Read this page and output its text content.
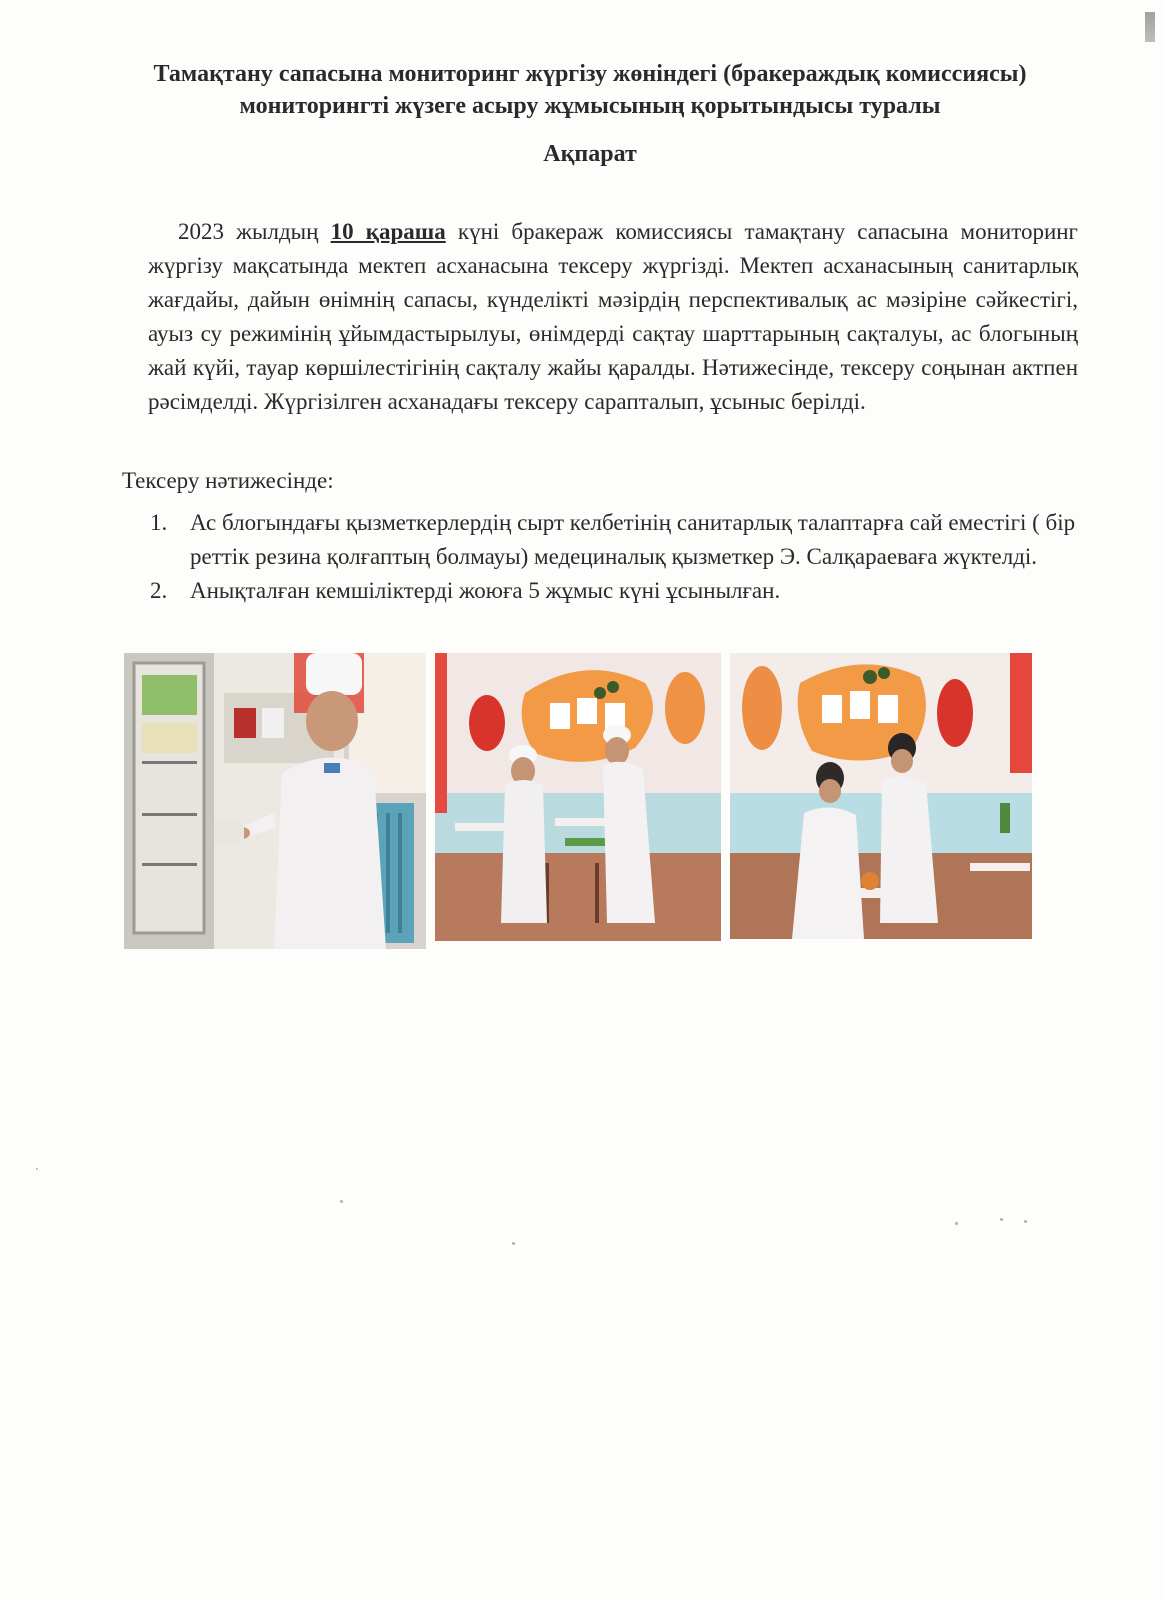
Тамақтану сапасына мониторинг жүргізу жөніндегі (бракераждық комиссиясы) мониторингті жүзеге асыру жұмысының қорытындысы туралы
Ақпарат
2023 жылдың 10 қараша күні бракераж комиссиясы тамақтану сапасына мониторинг жүргізу мақсатында мектеп асханасына тексеру жүргізді. Мектеп асханасының санитарлық жағдайы, дайын өнімнің сапасы, күнделікті мәзірдің перспективалық ас мәзіріне сәйкестігі, ауыз су режимінің ұйымдастырылуы, өнімдерді сақтау шарттарының сақталуы, ас блогының жай күйі, тауар көршілестігінің сақталу жайы қаралды. Нәтижесінде, тексеру соңынан актпен рәсімделді. Жүргізілген асханадағы тексеру сарапталып, ұсыныс берілді.
Тексеру нәтижесінде:
1. Ас блогындағы қызметкерлердің сырт келбетінің санитарлық талаптарға сай еместігі ( бір реттік резина қолғаптың болмауы) медециналық қызметкер Э. Салқараеваға жүктелді.
2. Анықталған кемшіліктерді жоюға 5 жұмыс күні ұсынылған.
